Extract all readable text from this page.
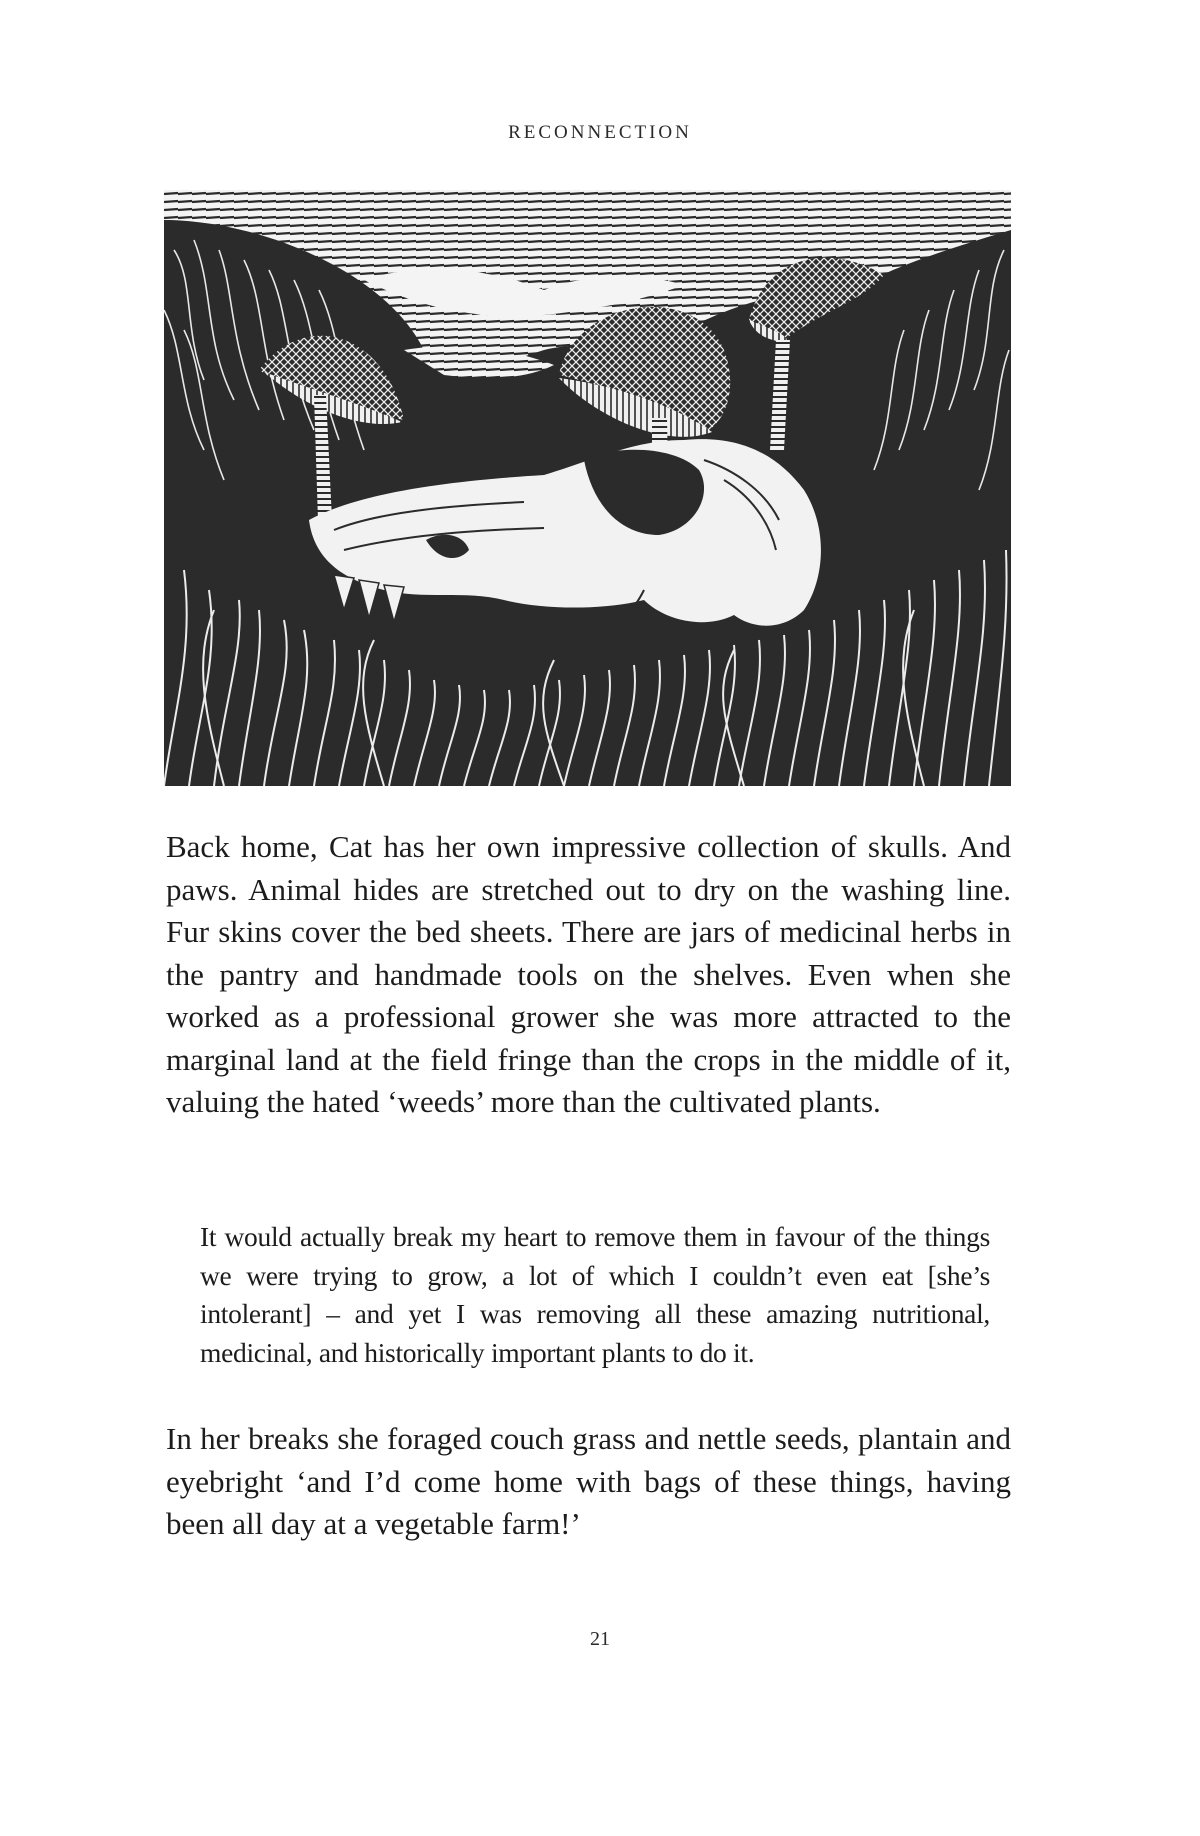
RECONNECTION

Back home, Cat has her own impressive collection of skulls. And paws. Animal hides are stretched out to dry on the washing line. Fur skins cover the bed sheets. There are jars of medicinal herbs in the pantry and handmade tools on the shelves. Even when she worked as a professional grower she was more attracted to the marginal land at the field fringe than the crops in the middle of it, valuing the hated ‘weeds’ more than the cultivated plants.

It would actually break my heart to remove them in favour of the things we were trying to grow, a lot of which I couldn’t even eat [she’s intolerant] – and yet I was removing all these amazing nutritional, medicinal, and historically important plants to do it.

In her breaks she foraged couch grass and nettle seeds, plantain and eyebright ‘and I’d come home with bags of these things, having been all day at a vegetable farm!’

21
